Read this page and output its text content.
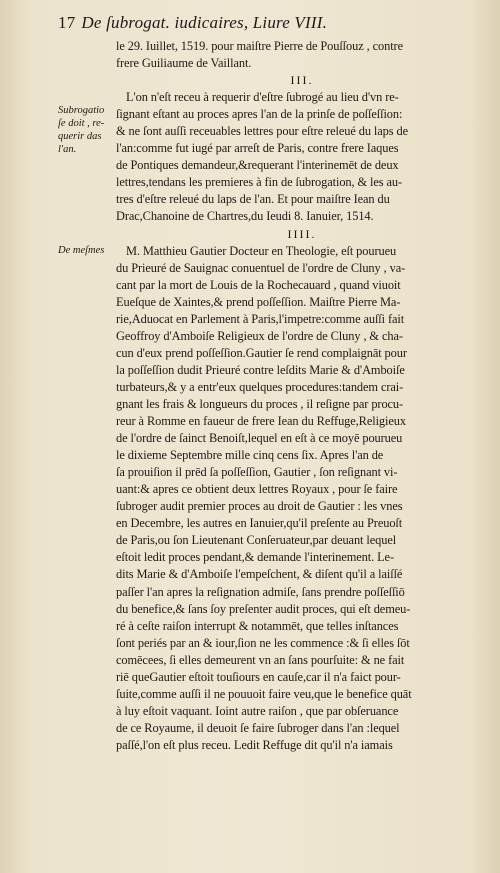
17 De ſubrogat. iudicaires, Liure VIII.
Subrogatio
ſe doit , re-
querir das
l'an.
De meſmes
le 29. Iuillet, 1519. pour maiſtre Pierre de Pouſſouz , contre
frere Guiliaume de Vaillant.
III.
L'on n'eſt receu à requerir d'eſtre ſubrogé au lieu d'vn re-
ſignant eſtant au proces apres l'an de la prinſe de poſſeſſion:
& ne ſont auſſi receuables lettres pour eſtre releué du laps de
l'an:comme fut iugé par arreſt de Paris, contre frere Iaques
de Pontiques demandeur,&requerant l'interinemēt de deux
lettres,tendans les premieres à fin de ſubrogation, & les au-
tres d'eſtre releué du laps de l'an. Et pour maiſtre Iean du
Drac,Chanoine de Chartres,du Ieudi 8. Ianuier, 1514.
IIII.
M. Matthieu Gautier Docteur en Theologie, eſt pourueu
du Prieuré de Sauignac conuentuel de l'ordre de Cluny , va-
cant par la mort de Louis de la Rochecauard , quand viuoit
Eueſque de Xaintes,& prend poſſeſſion. Maiſtre Pierre Ma-
rie,Aduocat en Parlement à Paris,l'impetre:comme auſſi fait
Geoffroy d'Amboiſe Religieux de l'ordre de Cluny , & cha-
cun d'eux prend poſſeſſion.Gautier ſe rend complaignāt pour
la poſſeſſion dudit Prieuré contre leſdits Marie & d'Amboiſe
turbateurs,& y a entr'eux quelques procedures:tandem crai-
gnant les frais & longueurs du proces , il reſigne par procu-
reur à Romme en faueur de frere Iean du Reffuge,Religieux
de l'ordre de ſainct Benoiſt,lequel en eſt à ce moyē pourueu
le dixieme Septembre mille cinq cens ſix. Apres l'an de
ſa prouiſion il prēd ſa poſſeſſion, Gautier , ſon reſignant vi-
uant:& apres ce obtient deux lettres Royaux , pour ſe faire
ſubroger audit premier proces au droit de Gautier : les vnes
en Decembre, les autres en Ianuier,qu'il preſente au Preuoſt
de Paris,ou ſon Lieutenant Conſeruateur,par deuant lequel
eſtoit ledit proces pendant,& demande l'interinement. Le-
dits Marie & d'Amboiſe l'empeſchent, & diſent qu'il a laiſſé
paſſer l'an apres la reſignation admiſe, ſans prendre poſſeſſiō
du benefice,& ſans ſoy preſenter audit proces, qui eſt demeu-
ré à ceſte raiſon interrupt & notammēt, que telles inſtances
ſont periés par an & iour,ſion ne les commence :& ſi elles ſōt
comēcees, ſi elles demeurent vn an ſans pourſuite: & ne fait
riē queGautier eſtoit touſiours en cauſe,car il n'a faict pour-
ſuite,comme auſſi il ne pouuoit faire veu,que le benefice quāt
à luy eſtoit vaquant. Ioint autre raiſon , que par obſeruance
de ce Royaume, il deuoit ſe faire ſubroger dans l'an :lequel
paſſé,l'on eſt plus receu. Ledit Reffuge dit qu'il n'a iamais
